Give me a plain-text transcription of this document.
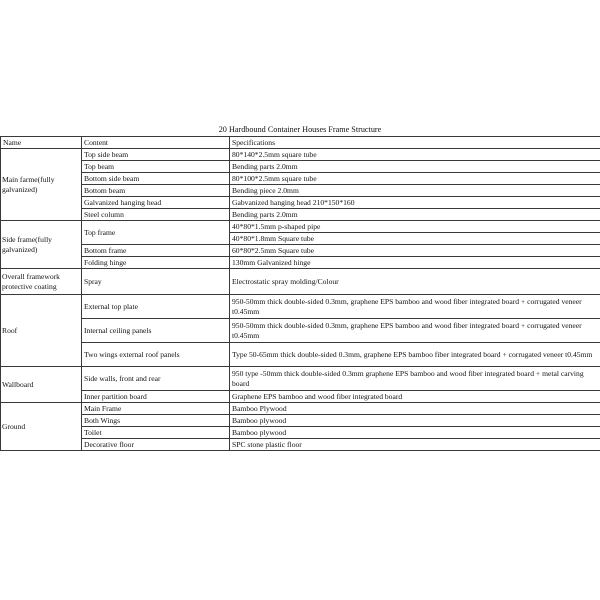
20 Hardbound Container Houses Frame Structure
Name	Content	Specifications
Main farme(fully galvanized)	Top side beam	80*140*2.5mm square tube
	Top beam	Bending parts 2.0mm
	Bottom side beam	80*100*2.5mm square tube
	Bottom beam	Bending piece 2.0mm
	Galvanized hanging head	Gabvanized hanging head 210*150*160
	Steel column	Bending parts 2.0mm
Side frame(fully galvanized)	Top frame	40*80*1.5mm p-shaped pipe
		40*80*1.8mm Square tube
	Bottom frame	60*80*2.5mm Square tube
	Folding hinge	130mm Galvanized hinge
Overall framework protective coating	Spray	Electrostatic spray molding/Colour
Roof	External top plate	950-50mm thick double-sided 0.3mm, graphene EPS bamboo and wood fiber integrated board + corrugated veneer t0.45mm
	Internal ceiling panels	950-50mm thick double-sided 0.3mm, graphene EPS bamboo and wood fiber integrated board + corrugated veneer t0.45mm
	Two wings external roof panels	Type 50-65mm thick double-sided 0.3mm, graphene EPS bamboo fiber integrated board + corrugated veneer t0.45mm
Wallboard	Side walls, front and rear	950 type -50mm thick double-sided 0.3mm graphene EPS bamboo and wood fiber integrated board + metal carving board
	Inner partition board	Graphene EPS bamboo and wood fiber integrated board
Ground	Main Frame	Bamboo Plywood
	Both Wings	Bamboo plywood
	Toilet	Bamboo plywood
	Decorative floor	SPC stone plastic floor
